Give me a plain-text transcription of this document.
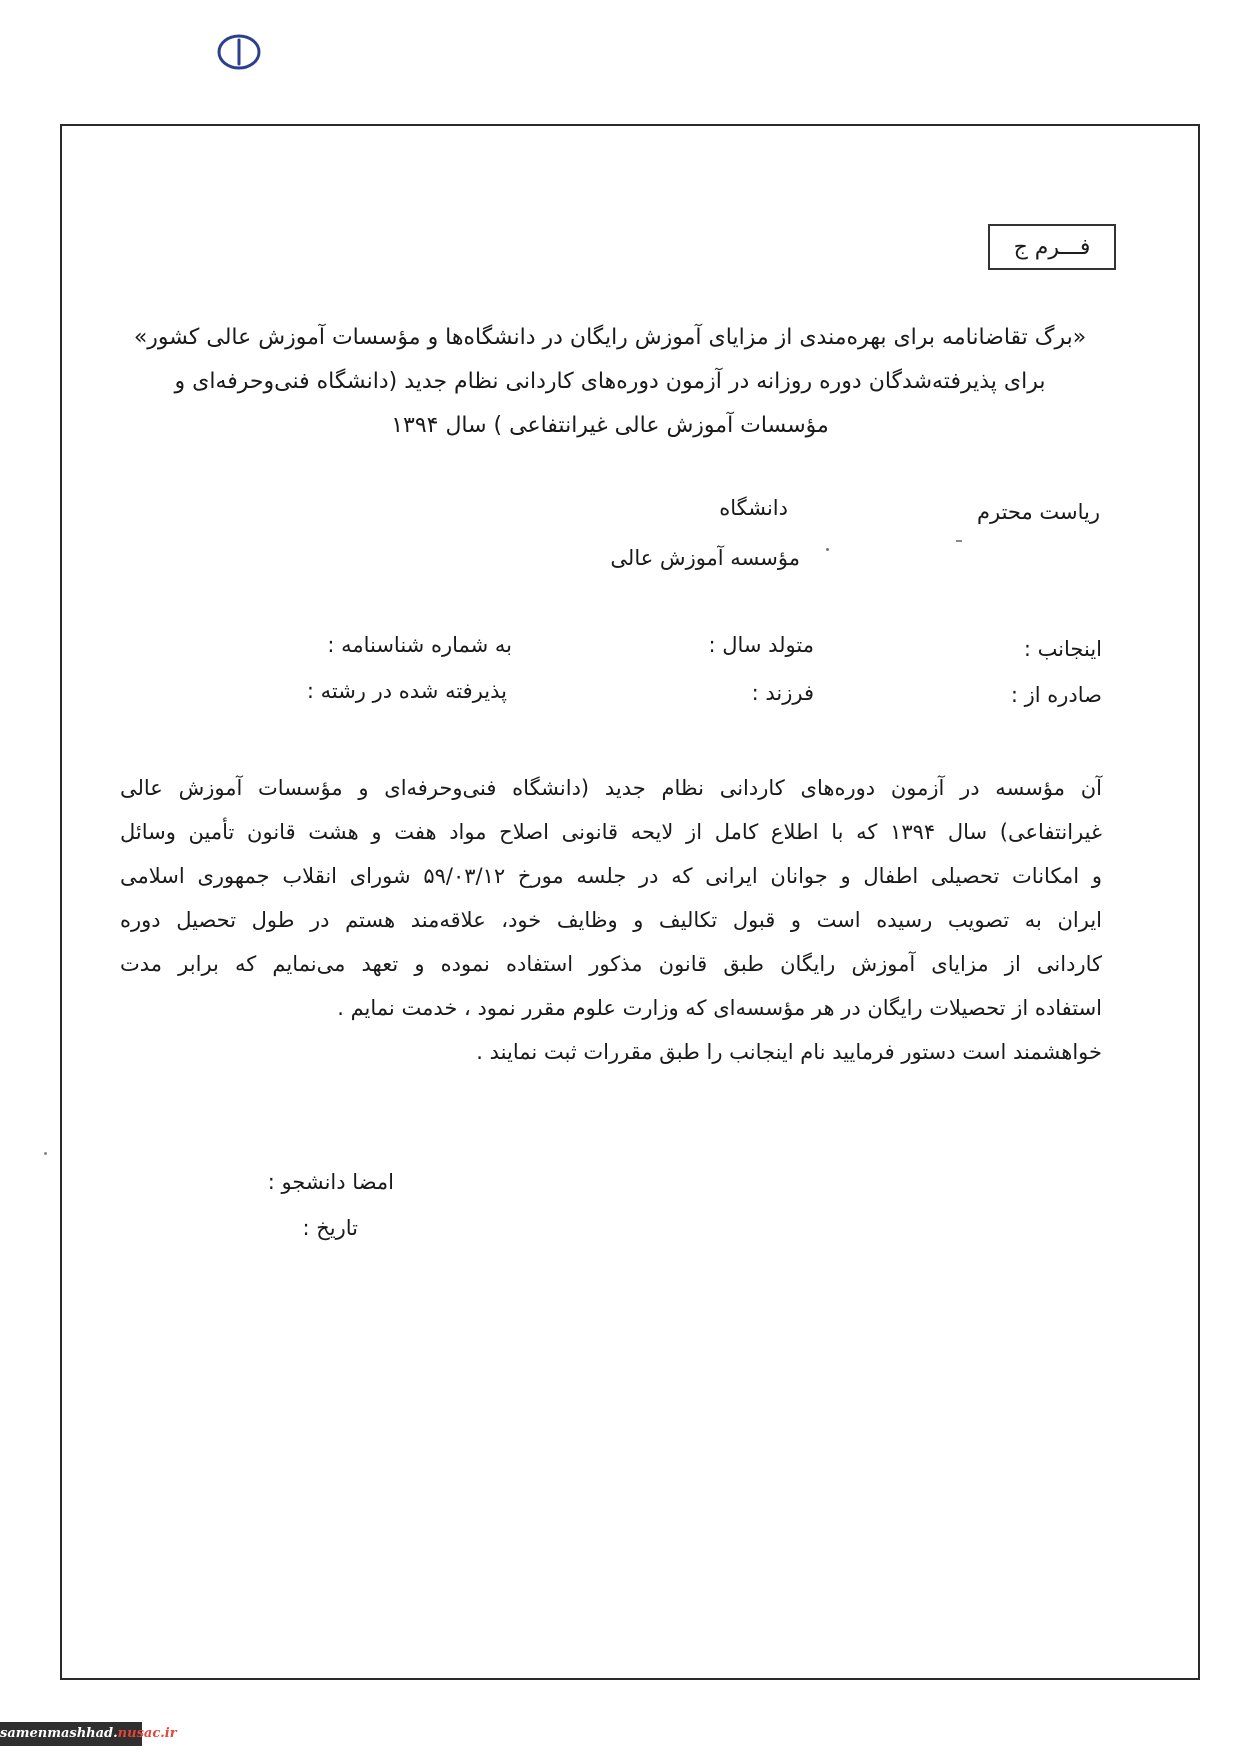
فـــرم ج
«برگ تقاضانامه برای بهره‌مندی از مزایای آموزش رایگان در دانشگاه‌ها و مؤسسات آموزش عالی کشور»
برای پذیرفته‌شدگان دوره روزانه در آزمون دوره‌های کاردانی نظام جدید (دانشگاه فنی‌وحرفه‌ای و
مؤسسات آموزش عالی غیرانتفاعی ) سال ۱۳۹۴
ریاست محترم
دانشگاه
مؤسسه آموزش عالی
اینجانب :
متولد سال :
به شماره شناسنامه :
صادره از :
فرزند :
پذیرفته شده در رشته :
آن مؤسسه در آزمون دوره‌های کاردانی نظام جدید (دانشگاه فنی‌وحرفه‌ای و مؤسسات آموزش عالی
غیرانتفاعی) سال ۱۳۹۴ که با اطلاع کامل از لایحه قانونی اصلاح مواد هفت و هشت قانون تأمین وسائل
و امکانات تحصیلی اطفال و جوانان ایرانی که در جلسه مورخ ۵۹/۰۳/۱۲ شورای انقلاب جمهوری اسلامی
ایران به تصویب رسیده است و قبول تکالیف و وظایف خود، علاقه‌مند هستم در طول تحصیل دوره
کاردانی از مزایای آموزش رایگان طبق قانون مذکور استفاده نموده و تعهد می‌نمایم که برابر مدت
استفاده از تحصیلات رایگان در هر مؤسسه‌ای که وزارت علوم مقرر نمود ، خدمت نمایم .
خواهشمند است دستور فرمایید نام اینجانب را طبق مقررات ثبت نمایند .
امضا دانشجو :
تاریخ :
samenmashhad.nusac.ir
